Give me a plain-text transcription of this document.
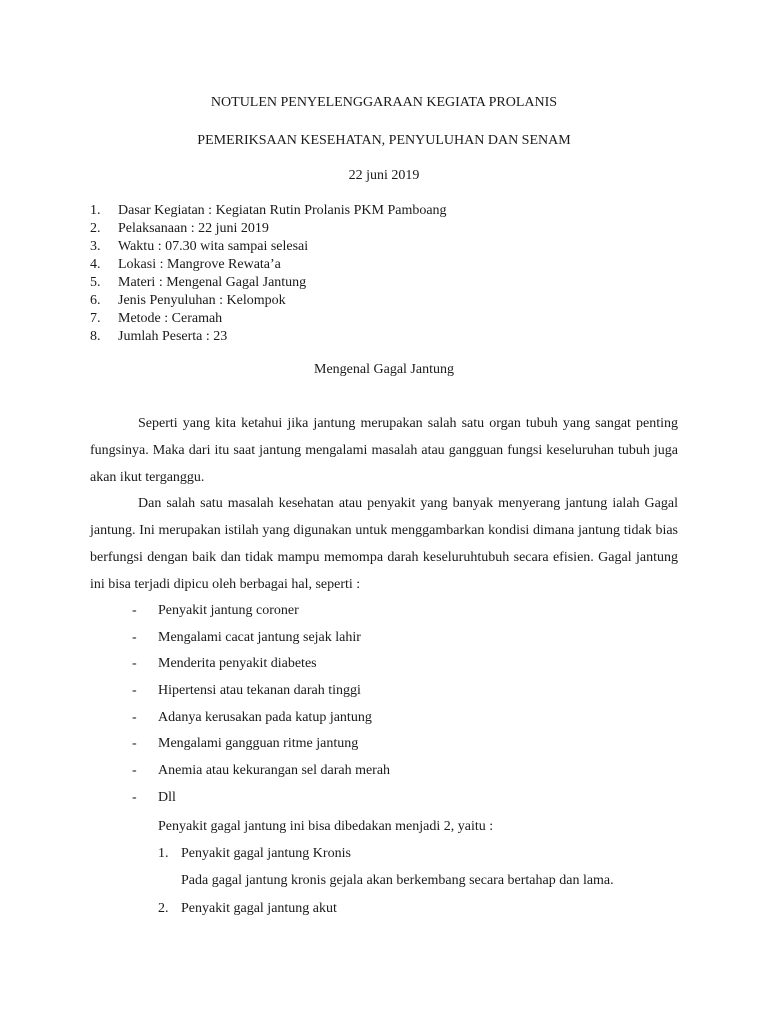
NOTULEN PENYELENGGARAAN KEGIATA PROLANIS
PEMERIKSAAN KESEHATAN, PENYULUHAN DAN SENAM
22 juni 2019
1. Dasar Kegiatan : Kegiatan Rutin Prolanis PKM Pamboang
2. Pelaksanaan : 22 juni 2019
3. Waktu : 07.30 wita sampai selesai
4. Lokasi : Mangrove Rewata’a
5. Materi : Mengenal Gagal Jantung
6. Jenis Penyuluhan : Kelompok
7. Metode : Ceramah
8. Jumlah Peserta : 23
Mengenal Gagal Jantung
Seperti yang kita ketahui jika jantung merupakan salah satu organ tubuh yang sangat penting fungsinya. Maka dari itu saat jantung mengalami masalah atau gangguan fungsi keseluruhan tubuh juga akan ikut terganggu.
Dan salah satu masalah kesehatan atau penyakit yang banyak menyerang jantung ialah Gagal jantung. Ini merupakan istilah yang digunakan untuk menggambarkan kondisi dimana jantung tidak bias berfungsi dengan baik dan tidak mampu memompa darah keseluruhtubuh secara efisien. Gagal jantung ini bisa terjadi dipicu oleh berbagai hal, seperti :
- Penyakit jantung coroner
- Mengalami cacat jantung sejak lahir
- Menderita penyakit diabetes
- Hipertensi atau tekanan darah tinggi
- Adanya kerusakan pada katup jantung
- Mengalami gangguan ritme jantung
- Anemia atau kekurangan sel darah merah
- Dll
Penyakit gagal jantung ini bisa dibedakan menjadi 2, yaitu :
1. Penyakit gagal jantung Kronis
Pada gagal jantung kronis gejala akan berkembang secara bertahap dan lama.
2. Penyakit gagal jantung akut
